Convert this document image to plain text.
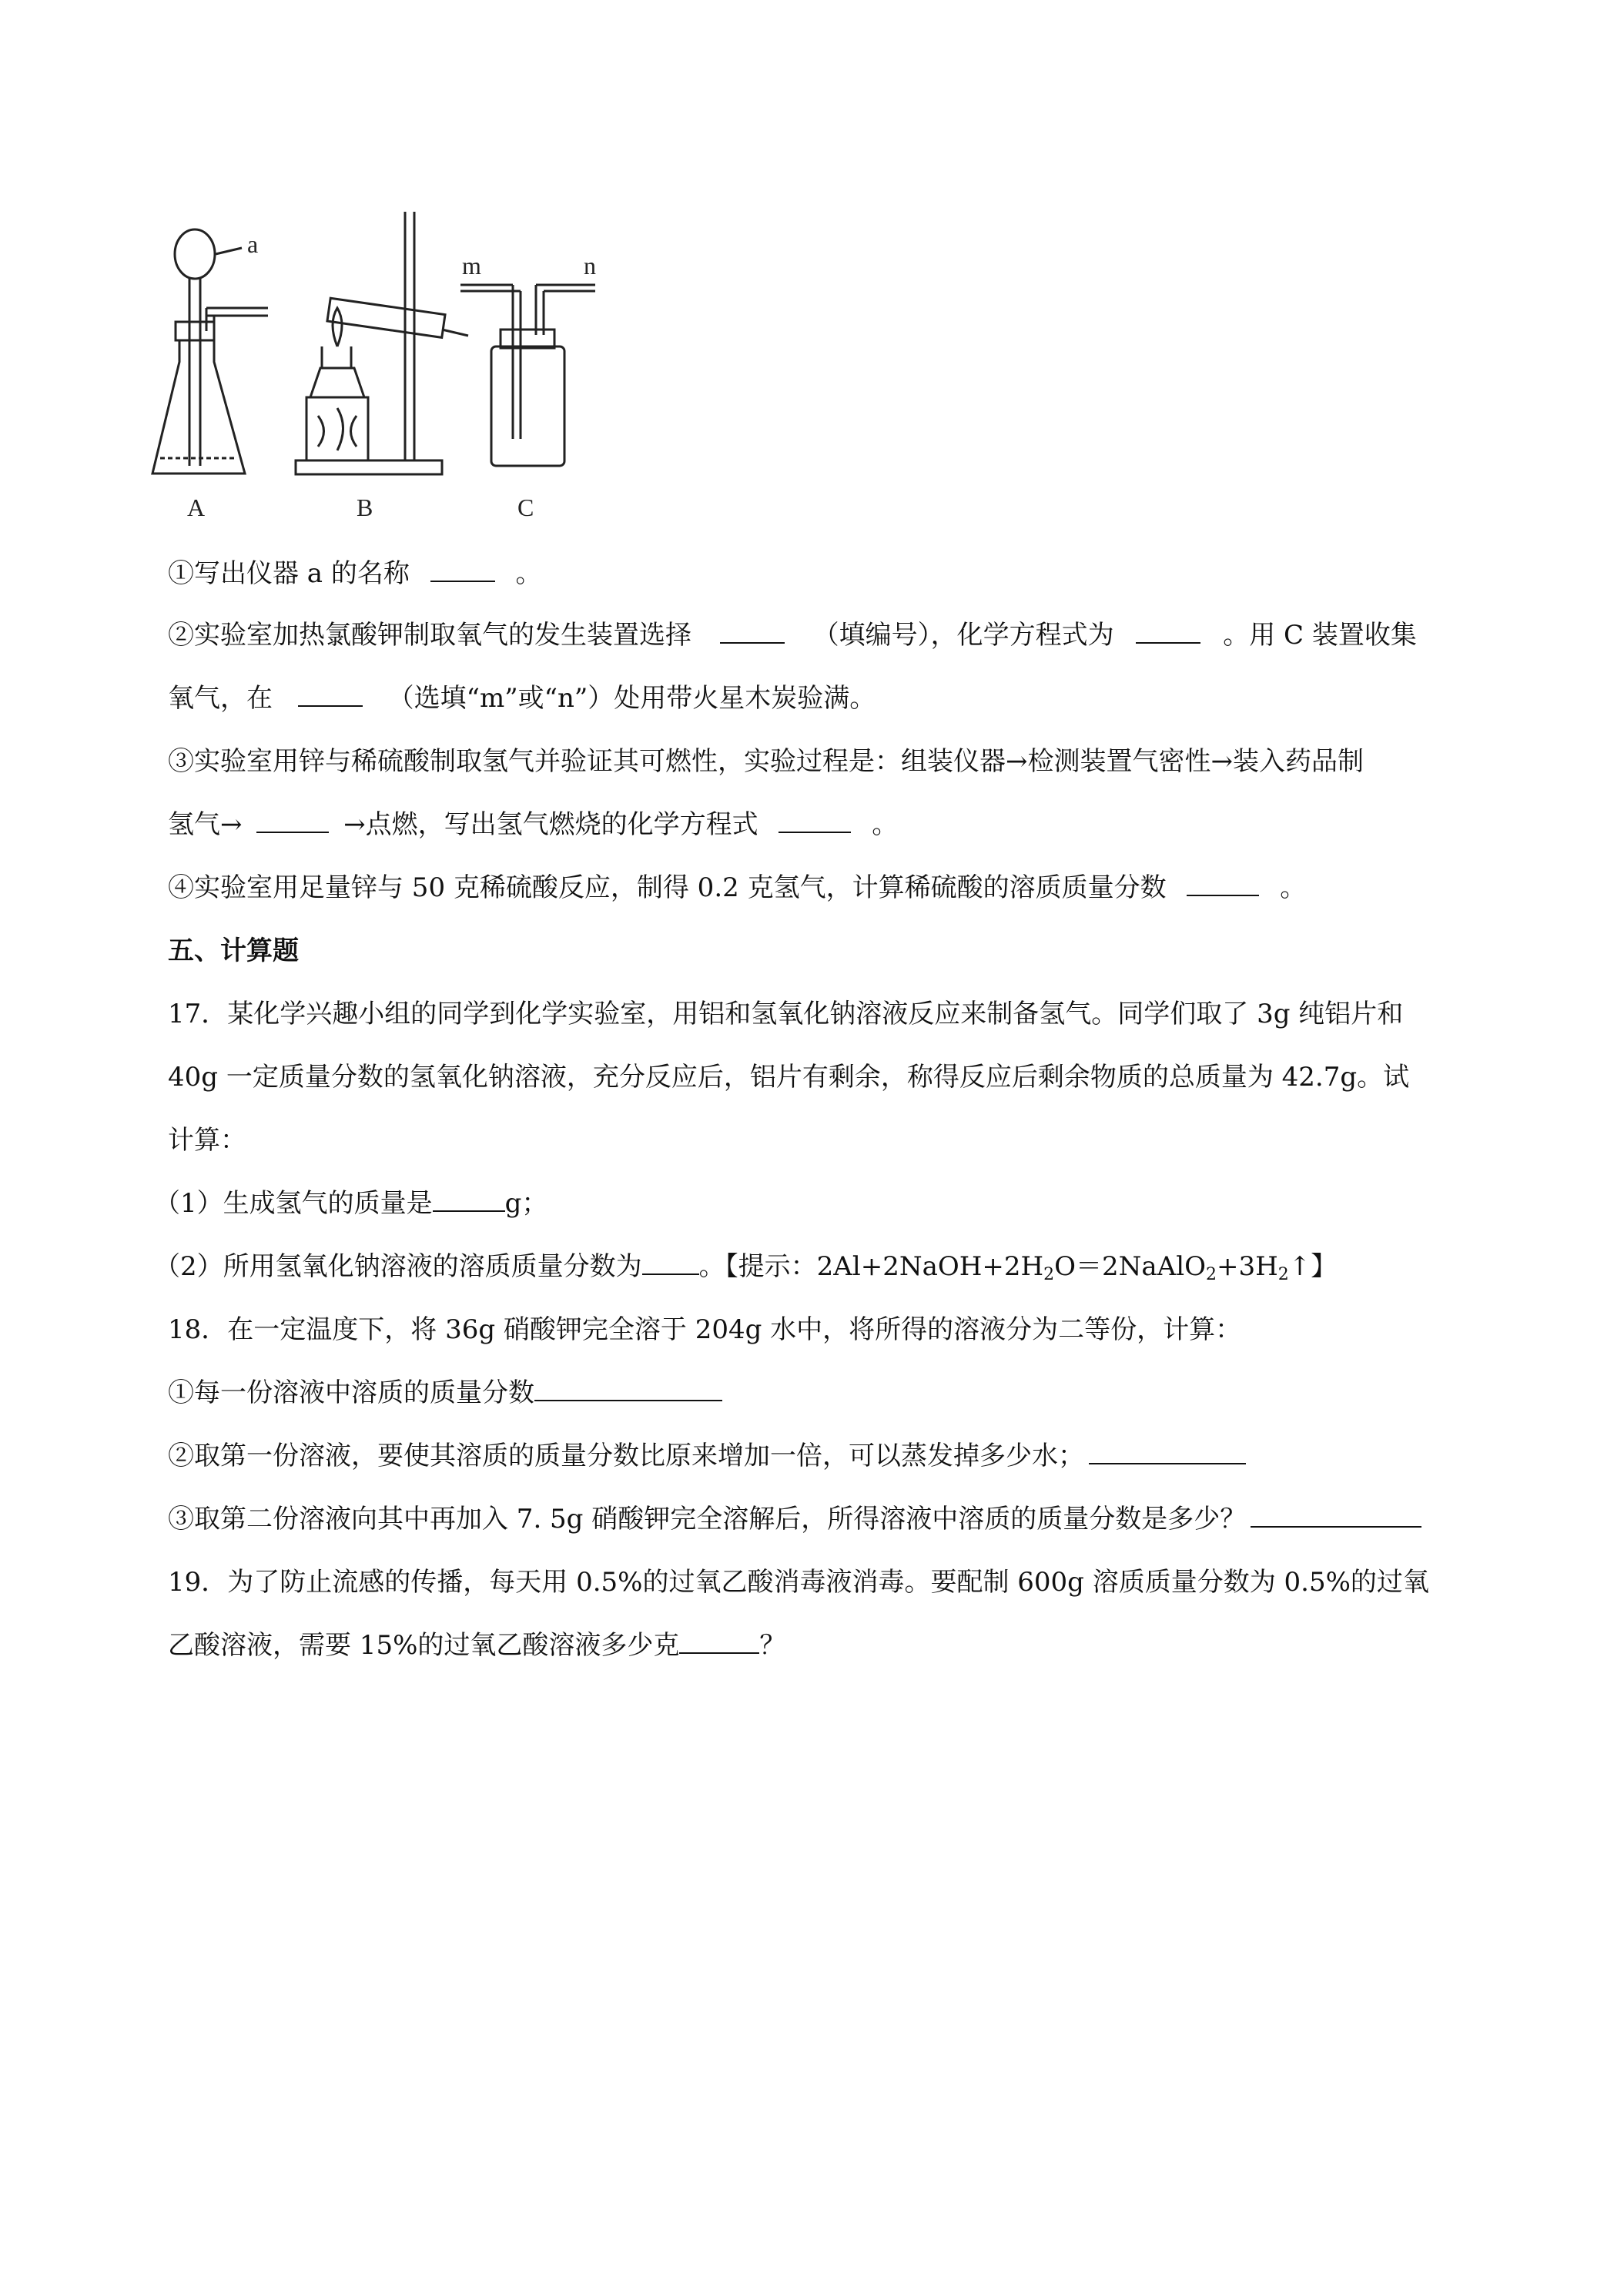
a
A	B	C
m	n
①写出仪器 a 的名称	。
②实验室加热氯酸钾制取氧气的发生装置选择	（填编号），化学方程式为	。用 C 装置收集
氧气，在	（选填“m”或“n”）处用带火星木炭验满。
③实验室用锌与稀硫酸制取氢气并验证其可燃性，实验过程是：组装仪器→检测装置气密性→装入药品制
氢气→	→点燃，写出氢气燃烧的化学方程式	。
④实验室用足量锌与 50 克稀硫酸反应，制得 0.2 克氢气，计算稀硫酸的溶质质量分数	。
五、计算题
17．某化学兴趣小组的同学到化学实验室，用铝和氢氧化钠溶液反应来制备氢气。同学们取了 3g 纯铝片和
40g 一定质量分数的氢氧化钠溶液，充分反应后，铝片有剩余，称得反应后剩余物质的总质量为 42.7g。试
计算：
（1）生成氢气的质量是	g；
（2）所用氢氧化钠溶液的溶质质量分数为 。【提示：$2Al+2NaOH+2H_2O=2NaAlO_2+3H_2↑$】
18．在一定温度下，将 36g 硝酸钾完全溶于 204g 水中，将所得的溶液分为二等份，计算：
①每一份溶液中溶质的质量分数
②取第一份溶液，要使其溶质的质量分数比原来增加一倍，可以蒸发掉多少水；
③取第二份溶液向其中再加入 7. 5g 硝酸钾完全溶解后，所得溶液中溶质的质量分数是多少？
19．为了防止流感的传播，每天用 0.5%的过氧乙酸消毒液消毒。要配制 600g 溶质质量分数为 0.5%的过氧
乙酸溶液，需要 15%的过氧乙酸溶液多少克	？
